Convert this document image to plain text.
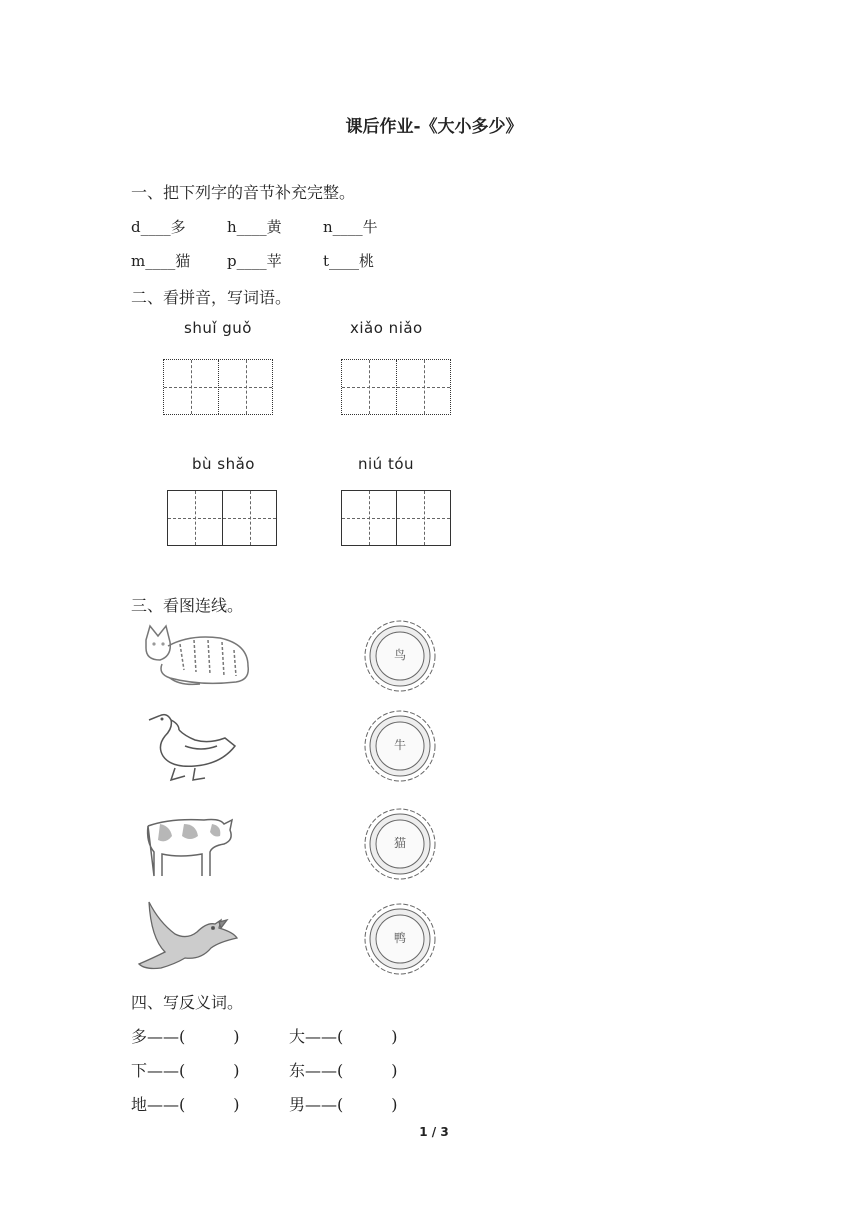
课后作业-《大小多少》
一、把下列字的音节补充完整。
d____多	h____黄	n____牛
m____猫 p____苹	t____桃
二、看拼音，写词语。
shuǐ guǒ	xiǎo niǎo
bù shǎo	niú tóu
三、看图连线。
鸟
牛
猫
鸭
四、写反义词。
多——(　　　)	大——(　　　)
下——(　　　)	东——(　　　)
地——(　　　)	男——(　　　)
1 / 3
